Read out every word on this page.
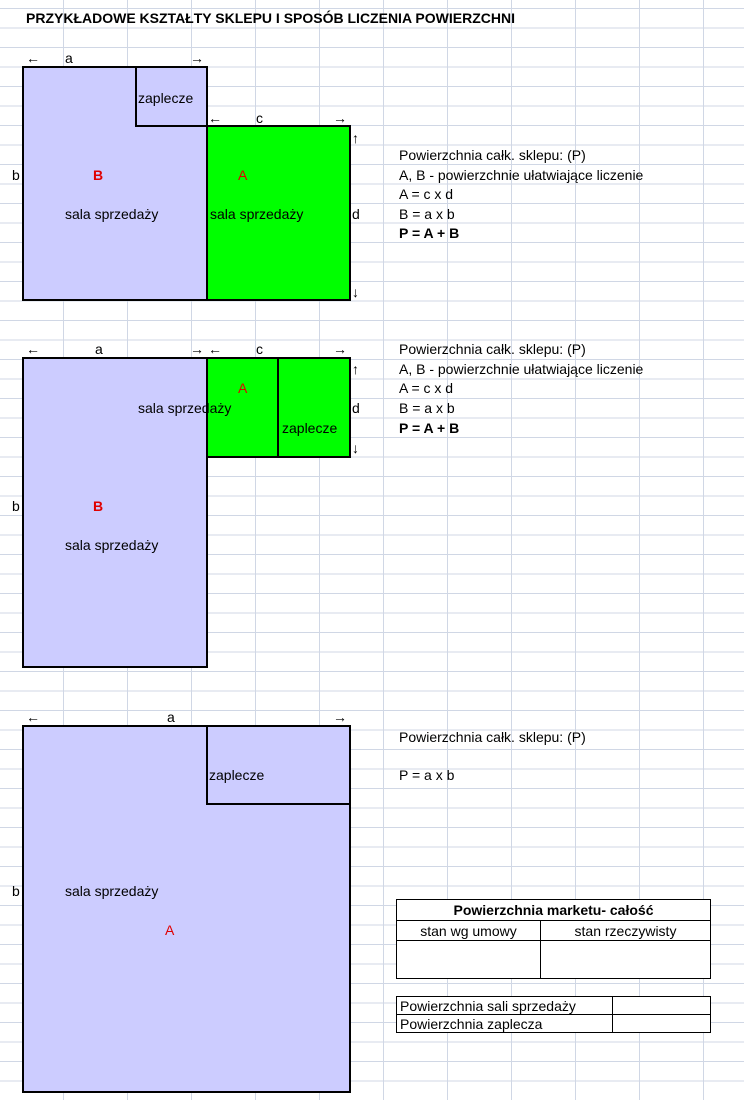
PRZYKŁADOWE KSZTAŁTY SKLEPU I SPOSÓB LICZENIA POWIERZCHNI
← a	→
zaplecze
← c	→
↑
d
↓
b	B	A
sala sprzedaży	sala sprzedaży
Powierzchnia całk. sklepu: (P)
A, B - powierzchnie ułatwiające liczenie
A = c x d
B = a x b
P = A + B
←	a	→ ← c	→
↑
d
↓
A
sala sprzedaży
zaplecze
b	B
sala sprzedaży
Powierzchnia całk. sklepu: (P)
A, B - powierzchnie ułatwiające liczenie
A = c x d
B = a x b
P = A + B
←	a	→
zaplecze
b	sala sprzedaży
A
Powierzchnia całk. sklepu: (P)
P = a x b
Powierzchnia marketu- całość	
stan wg umowy	stan rzeczywisty

Powierzchnia sali sprzedaży	
Powierzchnia zaplecza	
